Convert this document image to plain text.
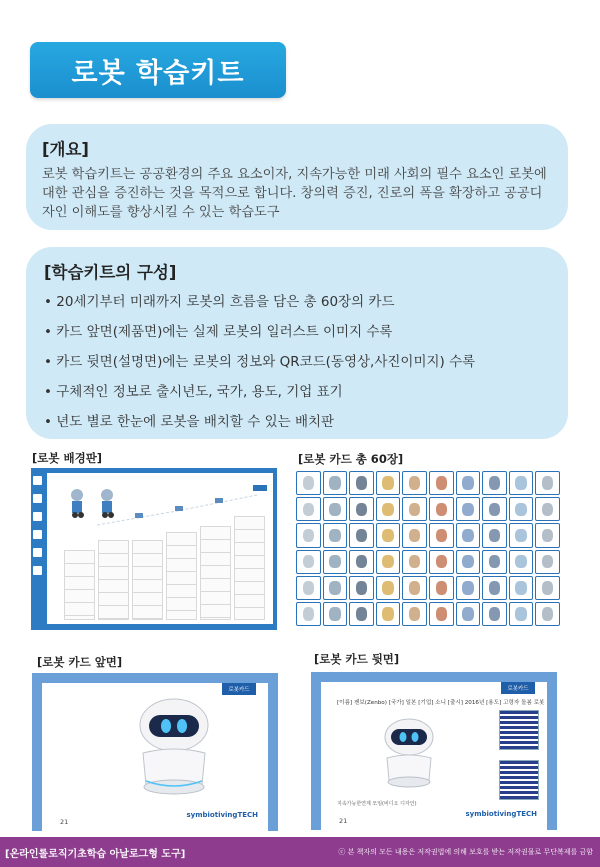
로봇 학습키트
[개요]

로봇 학습키트는 공공환경의 주요 요소이자, 지속가능한 미래 사회의 필수 요소인 로봇에 대한 관심을 증진하는 것을 목적으로 합니다. 창의력 증진, 진로의 폭을 확장하고 공공디자인 이해도를 향상시킬 수 있는 학습도구

[학습키트의 구성]
• 20세기부터 미래까지 로봇의 흐름을 담은 총 60장의 카드
• 카드 앞면(제품면)에는 실제 로봇의 일러스트 이미지 수록
• 카드 뒷면(설명면)에는 로봇의 정보와 QR코드(동영상,사진이미지) 수록
• 구체적인 정보로 출시년도, 국가, 용도, 기업 표기
• 년도 별로 한눈에 로봇을 배치할 수 있는 배치판
[로봇 배경판]	[로봇 카드 총 60장]
[로봇 카드 앞면]
로봇카드
symbiotivingTECH
21
[로봇 카드 뒷면]
로봇카드
[이름] 젠보(Zenbo) [국가] 일본 [기업] 소니 [출시] 2016년 [용도] 고령자 돌봄 로봇
지속가능한연계 모임(비디오 디자인)
symbiotivingTECH
21
[온라인롤로직기초학습 아날로그형 도구]	ⓒ 본 책자의 모든 내용은 저작권법에 의해 보호를 받는 저작권물로 무단복제를 금함
